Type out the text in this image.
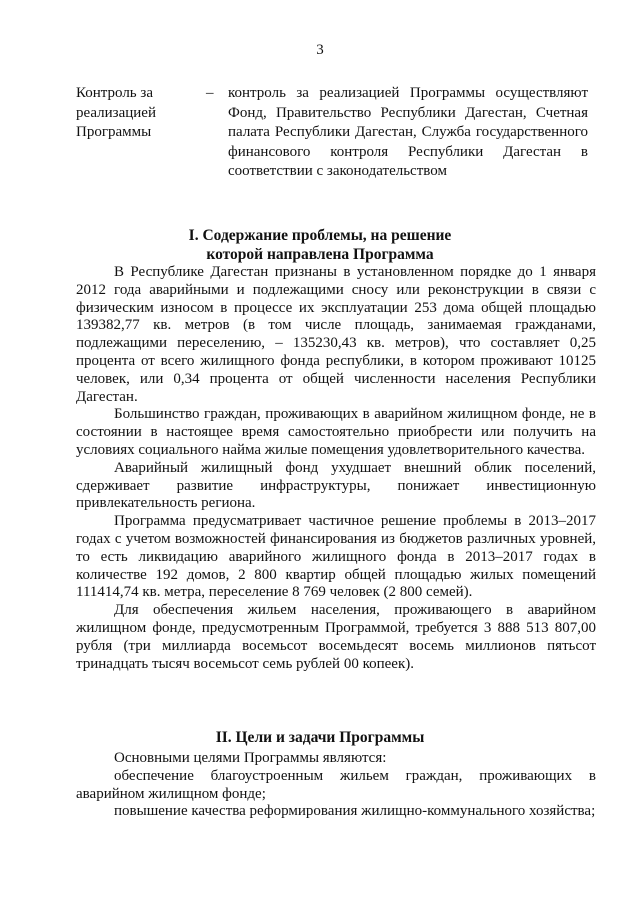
3
Контроль за реализацией Программы
– контроль за реализацией Программы осуществляют Фонд, Правительство Республики Дагестан, Счетная палата Республики Дагестан, Служба государственного финансового контроля Республики Дагестан в соответствии с законодательством
I. Содержание проблемы, на решение
которой направлена Программа

В Республике Дагестан признаны в установленном порядке до 1 января 2012 года аварийными и подлежащими сносу или реконструкции в связи с физическим износом в процессе их эксплуатации 253 дома общей площадью 139382,77 кв. метров (в том числе площадь, занимаемая гражданами, подлежащими переселению, – 135230,43 кв. метров), что составляет 0,25 процента от всего жилищного фонда республики, в котором проживают 10125 человек, или 0,34 процента от общей численности населения Республики Дагестан.

Большинство граждан, проживающих в аварийном жилищном фонде, не в состоянии в настоящее время самостоятельно приобрести или получить на условиях социального найма жилые помещения удовлетворительного качества.

Аварийный жилищный фонд ухудшает внешний облик поселений, сдерживает развитие инфраструктуры, понижает инвестиционную привлекательность региона.

Программа предусматривает частичное решение проблемы в 2013–2017 годах с учетом возможностей финансирования из бюджетов различных уровней, то есть ликвидацию аварийного жилищного фонда в 2013–2017 годах в количестве 192 домов, 2 800 квартир общей площадью жилых помещений 111414,74 кв. метра, переселение 8 769 человек (2 800 семей).

Для обеспечения жильем населения, проживающего в аварийном жилищном фонде, предусмотренным Программой, требуется 3 888 513 807,00 рубля (три миллиарда восемьсот восемьдесят восемь миллионов пятьсот тринадцать тысяч восемьсот семь рублей 00 копеек).

II. Цели и задачи Программы

Основными целями Программы являются:

обеспечение благоустроенным жильем граждан, проживающих в аварийном жилищном фонде;

повышение качества реформирования жилищно-коммунального хозяйства;
